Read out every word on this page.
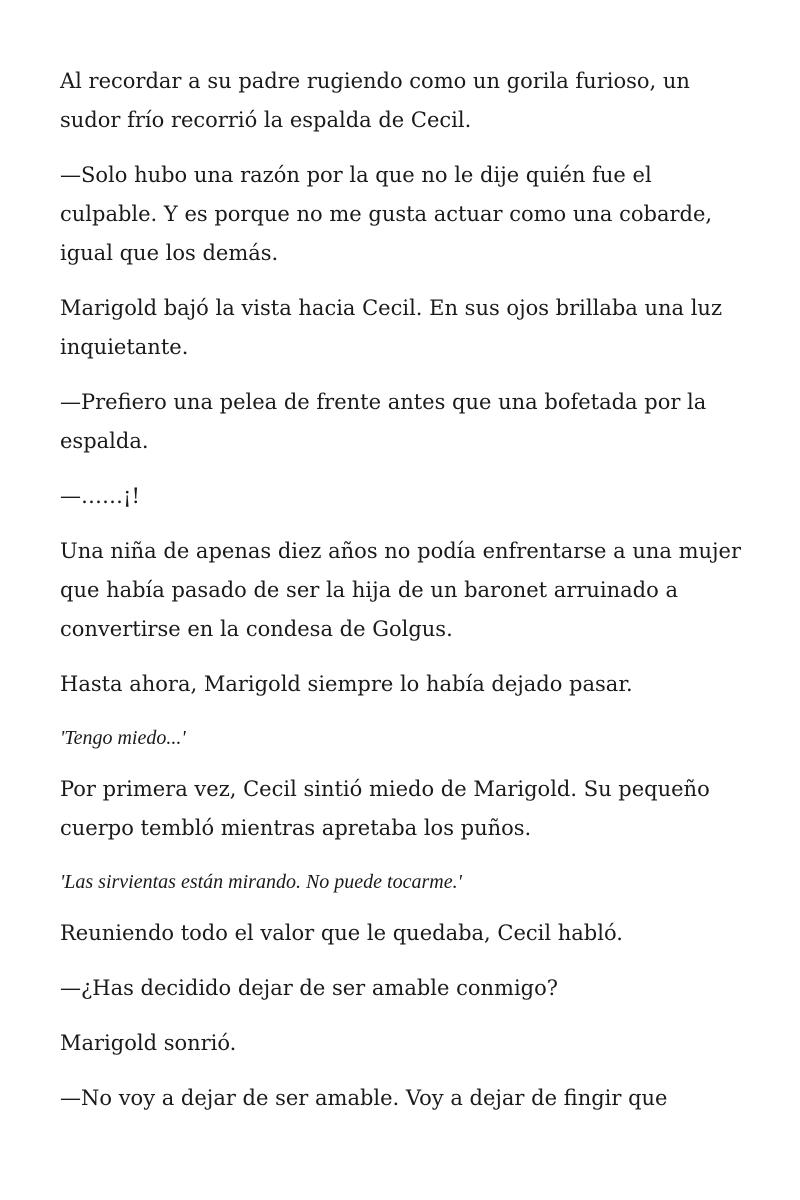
Al recordar a su padre rugiendo como un gorila furioso, un sudor frío recorrió la espalda de Cecil.

—Solo hubo una razón por la que no le dije quién fue el culpable. Y es porque no me gusta actuar como una cobarde, igual que los demás.

Marigold bajó la vista hacia Cecil. En sus ojos brillaba una luz inquietante.

—Prefiero una pelea de frente antes que una bofetada por la espalda.

—……¡!

Una niña de apenas diez años no podía enfrentarse a una mujer que había pasado de ser la hija de un baronet arruinado a convertirse en la condesa de Golgus.

Hasta ahora, Marigold siempre lo había dejado pasar.

'Tengo miedo...'

Por primera vez, Cecil sintió miedo de Marigold. Su pequeño cuerpo tembló mientras apretaba los puños.

'Las sirvientas están mirando. No puede tocarme.'

Reuniendo todo el valor que le quedaba, Cecil habló.

—¿Has decidido dejar de ser amable conmigo?

Marigold sonrió.

—No voy a dejar de ser amable. Voy a dejar de fingir que
